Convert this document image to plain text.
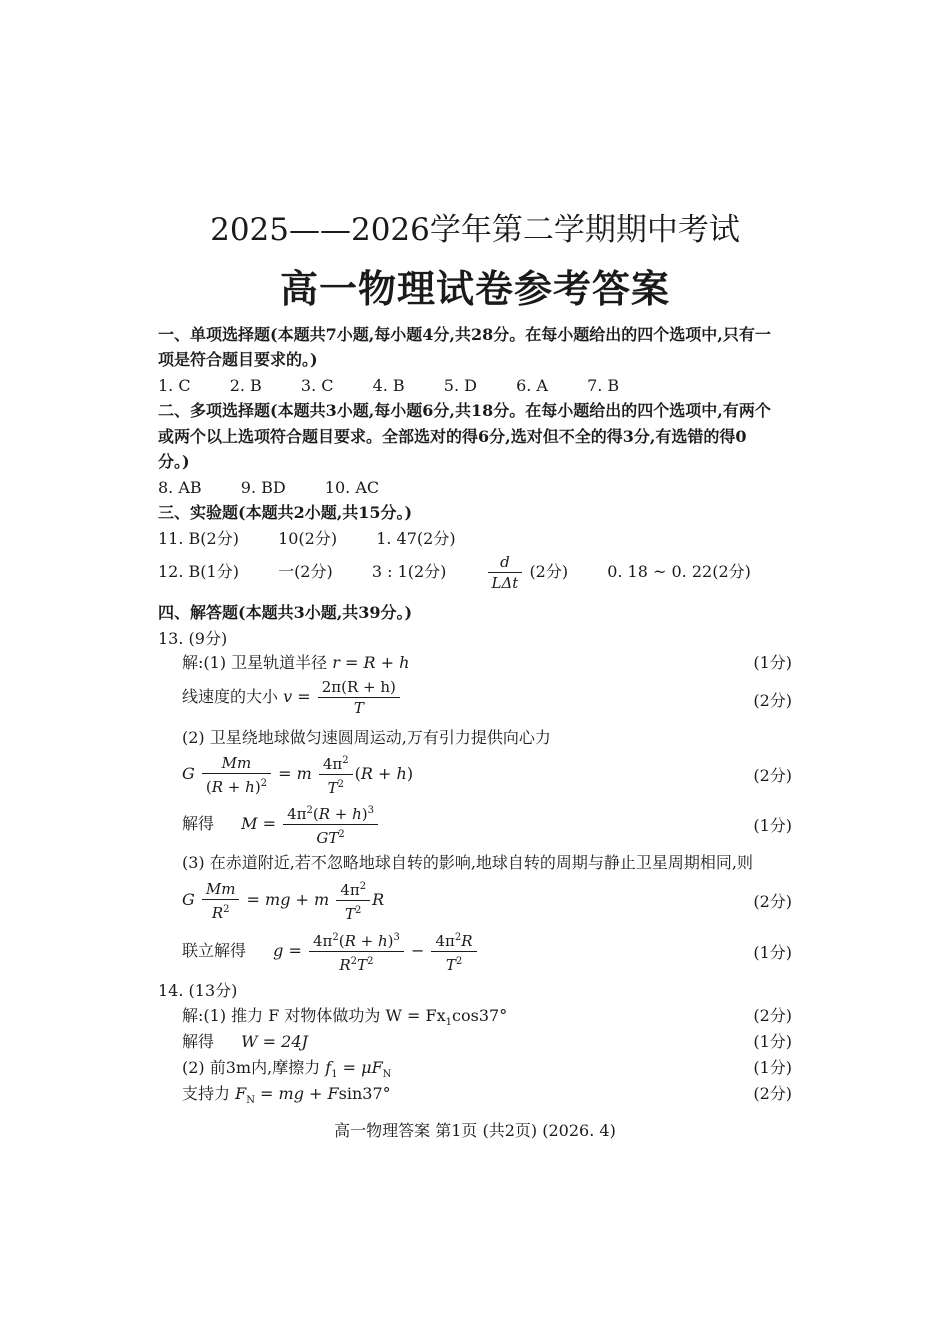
2025——2026学年第二学期期中考试
高一物理试卷参考答案
一、单项选择题(本题共7小题,每小题4分,共28分。在每小题给出的四个选项中,只有一
项是符合题目要求的。)
1. C 2. B 3. C 4. B 5. D 6. A 7. B
二、多项选择题(本题共3小题,每小题6分,共18分。在每小题给出的四个选项中,有两个
或两个以上选项符合题目要求。全部选对的得6分,选对但不全的得3分,有选错的得0
分。)
8. AB 9. BD 10. AC
三、实验题(本题共2小题,共15分。)
11. B(2分) 10(2分) 1. 47(2分)
12. B(1分) 一(2分) 3 : 1(2分)	$\frac{d}{\text{LΔt}} (2$分) 0. 18 ~ 0. 22(2分)
四、解答题(本题共3小题,共39分。)
13. (9分)
解:(1) 卫星轨道半径 r = R + h	(1分)
线速度的大小 $v = \frac{2\pi(R + h)}{T}$	(2分)
(2) 卫星绕地球做匀速圆周运动,万有引力提供向心力
G $\frac{Mm}{(R + h)^2} = m \frac{4\pi^2}{T^2} (R + h)$	(2分)
解得 $M = \frac{4\pi^2(R + h)^3}{GT^2}$	(1分)
(3) 在赤道附近,若不忽略地球自转的影响,地球自转的周期与静止卫星周期相同,则
G $\frac{Mm}{R^2}$ = mg + m $\frac{4\pi^2}{T^2}$ R	(2分)
联立解得 $g = \frac{4\pi^2(R + h)^3}{R^2T^2} - \frac{4\pi^2R}{T^2}$	(1分)
14. (13分)
解:(1) 推力 F 对物体做功为 $W = Fx_1\cos 37^\circ$	(2分)
解得 W = 24J	(1分)
(2) 前3m内,摩擦力 $f_1 = \mu F_N$	(1分)
支持力 $F_N$ = mg + Fsin37°	(2分)
高一物理答案 第1页 (共2页) (2026. 4)
